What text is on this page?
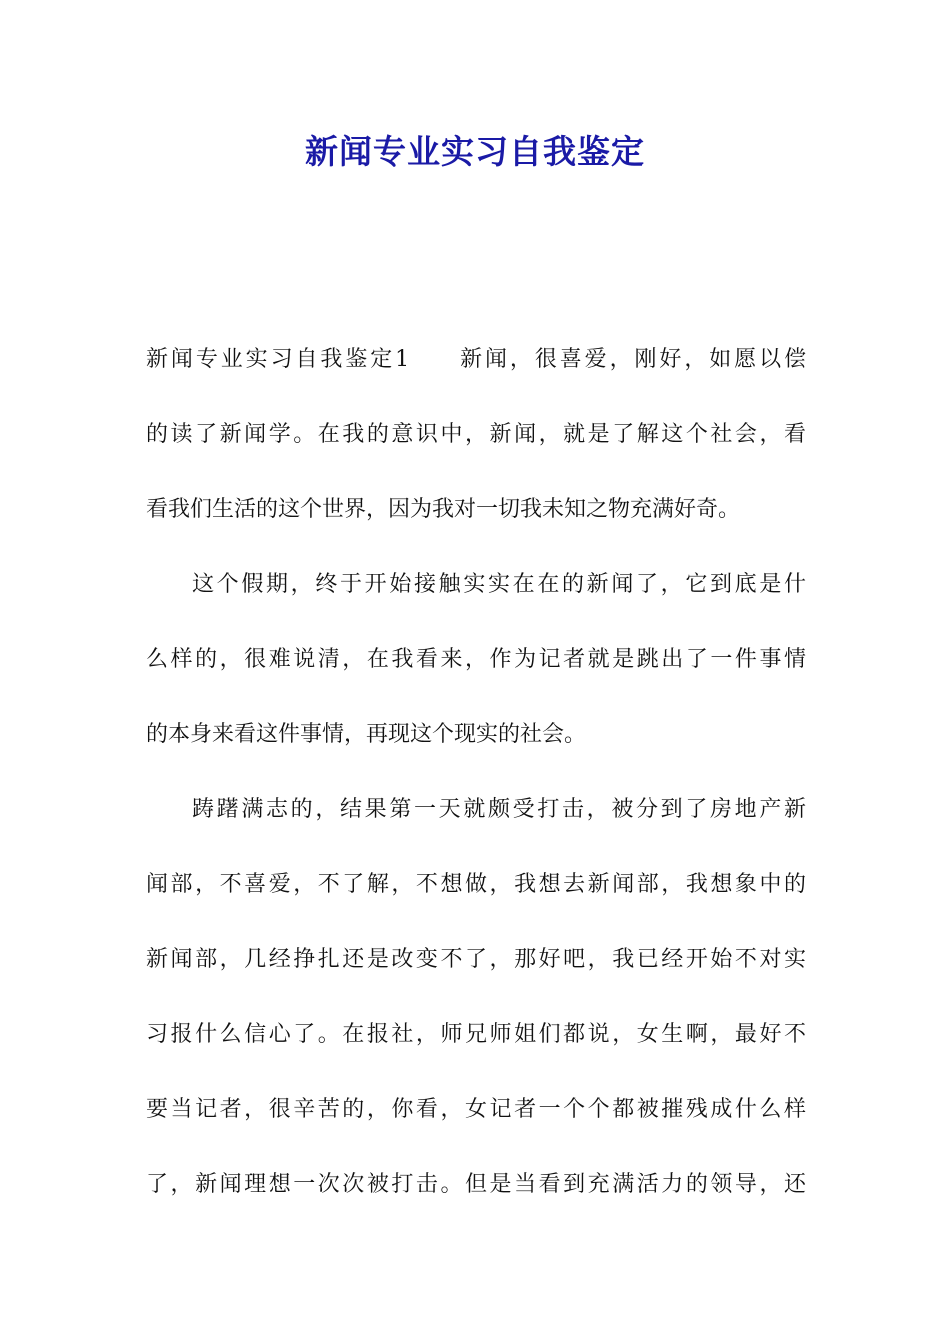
新闻专业实习自我鉴定
新闻专业实习自我鉴定1 新闻，很喜爱，刚好，如愿以偿
的读了新闻学。在我的意识中，新闻，就是了解这个社会，看
看我们生活的这个世界，因为我对一切我未知之物充满好奇。
这个假期，终于开始接触实实在在的新闻了，它到底是什
么样的，很难说清，在我看来，作为记者就是跳出了一件事情
的本身来看这件事情，再现这个现实的社会。
踌躇满志的，结果第一天就颇受打击，被分到了房地产新
闻部，不喜爱，不了解，不想做，我想去新闻部，我想象中的
新闻部，几经挣扎还是改变不了，那好吧，我已经开始不对实
习报什么信心了。在报社，师兄师姐们都说，女生啊，最好不
要当记者，很辛苦的，你看，女记者一个个都被摧残成什么样
了，新闻理想一次次被打击。但是当看到充满活力的领导，还
